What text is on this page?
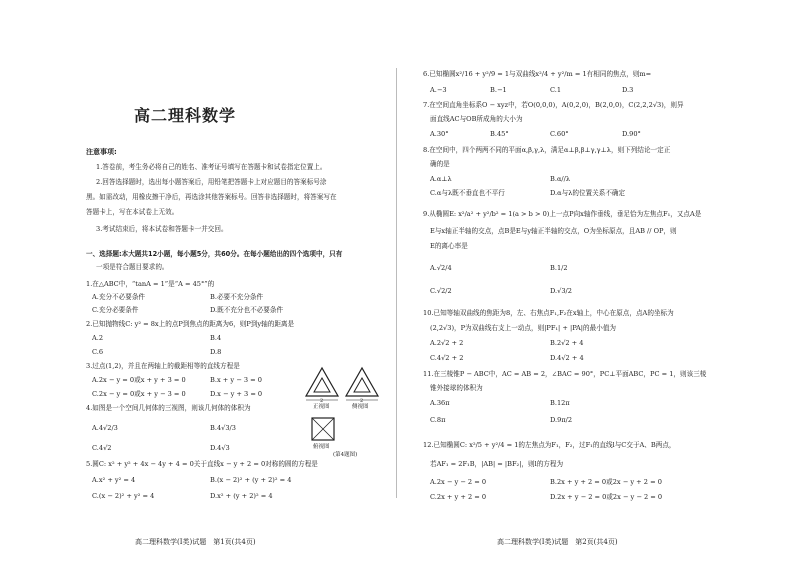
高二理科数学
注意事项:
1.答卷前，考生务必将自己的姓名、准考证号填写在答题卡和试卷指定位置上。
2.回答选择题时，选出每小题答案后，用铅笔把答题卡上对应题目的答案标号涂
黑。如需改动，用橡皮擦干净后，再选涂其他答案标号。回答非选择题时，将答案写在
答题卡上，写在本试卷上无效。
3.考试结束后，将本试卷和答题卡一并交回。
一、选择题:本大题共12小题，每小题5分，共60分。在每小题给出的四个选项中，只有
一项是符合题目要求的。
1.在△ABC中，“tanA = 1”是“A = 45°”的
A.充分不必要条件	B.必要不充分条件
C.充分必要条件	D.既不充分也不必要条件
2.已知抛物线C: y² = 8x上的点P到焦点的距离为6，则P到y轴的距离是
A.2	B.4
C.6	D.8
3.过点(1,2)，并且在两轴上的截距相等的直线方程是
A.2x − y = 0或x + y + 3 = 0	B.x + y − 3 = 0
C.2x − y = 0或x + y − 3 = 0	D.x − y + 3 = 0
4.如图是一个空间几何体的三视图，则该几何体的体积为
A.4√2/3	B.4√3/3
C.4√2	D.4√3
2	2
正视图	侧视图
俯视图
(第4题图)
5.圆C: x² + y² + 4x − 4y + 4 = 0关于直线x − y + 2 = 0对称的圆的方程是
A.x² + y² = 4	B.(x − 2)² + (y + 2)² = 4
C.(x − 2)² + y² = 4	D.x² + (y + 2)² = 4
高二理科数学(Ⅰ类)试题　第1页(共4页)
6.已知椭圆x²/16 + y²/9 = 1与双曲线x²/4 + y²/m = 1有相同的焦点，则m=
A.−3	B.−1	C.1	D.3
7.在空间直角坐标系O − xyz中，若O(0,0,0)，A(0,2,0)，B(2,0,0)，C(2,2,2√3)，则异
面直线AC与OB所成角的大小为
A.30°	B.45°	C.60°	D.90°
8.在空间中，四个两两不同的平面α,β,γ,λ，满足α⊥β,β⊥γ,γ⊥λ，则下列结论一定正
确的是
A.α⊥λ	B.α//λ
C.α与λ既不垂直也不平行	D.α与λ的位置关系不确定
9.从椭圆E: x²/a² + y²/b² = 1(a > b > 0)上一点P向x轴作垂线，垂足恰为左焦点F₁，又点A是
E与x轴正半轴的交点，点B是E与y轴正半轴的交点，O为坐标原点，且AB // OP，则
E的离心率是
A.√2/4	B.1/2
C.√2/2	D.√3/2
10.已知等轴双曲线的焦距为8，左、右焦点F₁,F₂在x轴上，中心在原点，点A的坐标为
(2,2√3)，P为双曲线右支上一动点，则|PF₁| + |PA|的最小值为
A.2√2 + 2	B.2√2 + 4
C.4√2 + 2	D.4√2 + 4
11.在三棱锥P − ABC中，AC = AB = 2，∠BAC = 90°，PC⊥平面ABC，PC = 1，则该三棱
锥外接球的体积为
A.36π	B.12π
C.8π	D.9π/2
12.已知椭圆C: x²/5 + y²/4 = 1的左焦点为F₁，F₂，过F₁的直线l与C交于A、B两点，
若AF₁ = 2F₁B，|AB| = |BF₂|，则l的方程为
A.2x − y − 2 = 0	B.2x + y + 2 = 0或2x − y + 2 = 0
C.2x + y + 2 = 0	D.2x + y − 2 = 0或2x − y − 2 = 0
高二理科数学(Ⅰ类)试题　第2页(共4页)
